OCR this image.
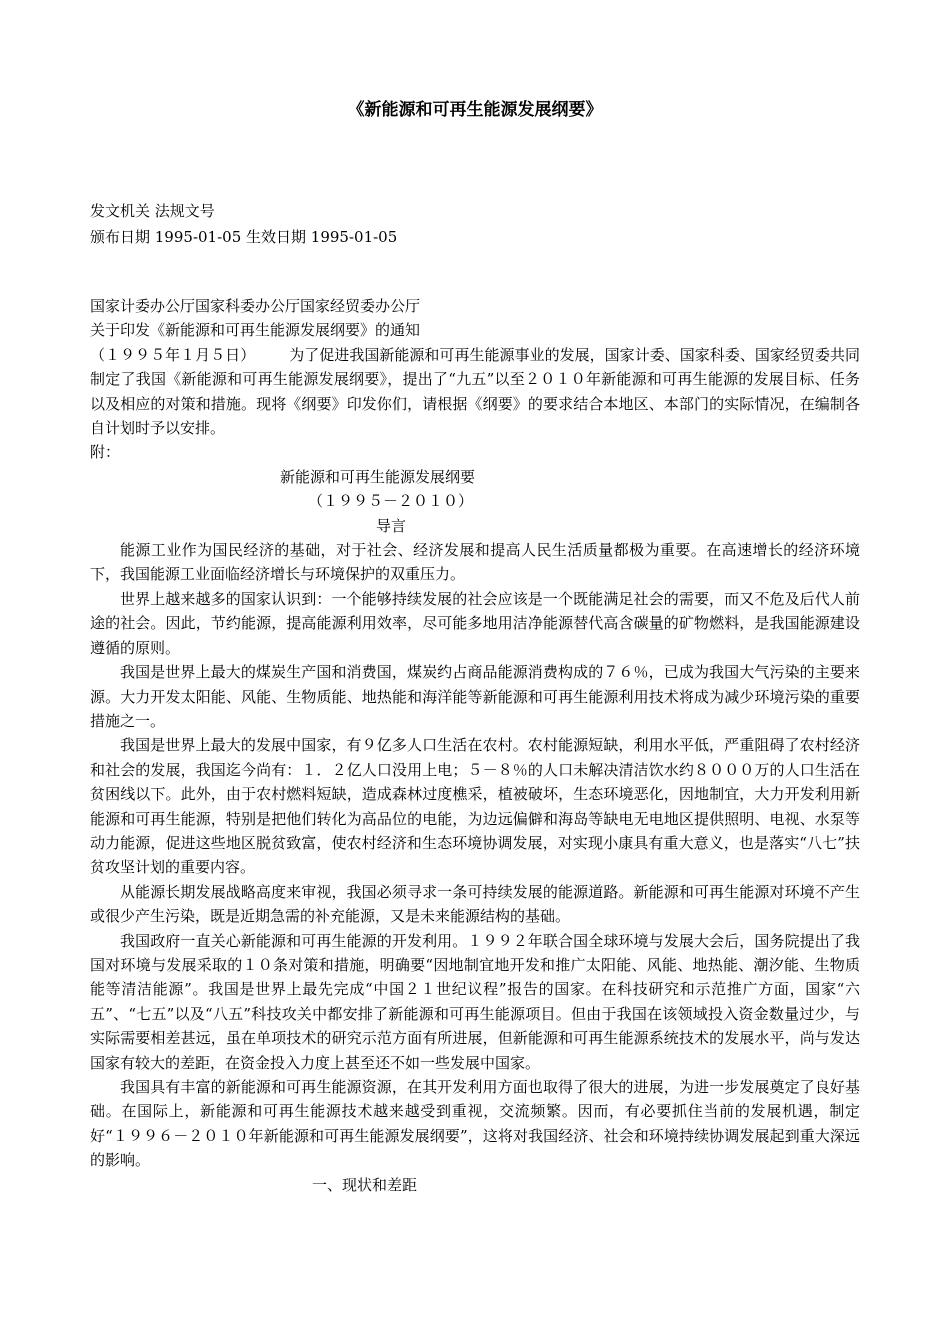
《新能源和可再生能源发展纲要》
发文机关 法规文号
颁布日期 1995-01-05 生效日期 1995-01-05
国家计委办公厅国家科委办公厅国家经贸委办公厅
关于印发《新能源和可再生能源发展纲要》的通知

（１９９５年１月５日） 为了促进我国新能源和可再生能源事业的发展，国家计委、国家科委、国家经贸委共同制定了我国《新能源和可再生能源发展纲要》，提出了“九五”以至２０１０年新能源和可再生能源的发展目标、任务以及相应的对策和措施。现将《纲要》印发你们，请根据《纲要》的要求结合本地区、本部门的实际情况，在编制各自计划时予以安排。

附：
新能源和可再生能源发展纲要
（１９９５－２０１０）
导言

能源工业作为国民经济的基础，对于社会、经济发展和提高人民生活质量都极为重要。在高速增长的经济环境下，我国能源工业面临经济增长与环境保护的双重压力。

世界上越来越多的国家认识到：一个能够持续发展的社会应该是一个既能满足社会的需要，而又不危及后代人前途的社会。因此，节约能源，提高能源利用效率，尽可能多地用洁净能源替代高含碳量的矿物燃料，是我国能源建设遵循的原则。

我国是世界上最大的煤炭生产国和消费国，煤炭约占商品能源消费构成的７６％，已成为我国大气污染的主要来源。大力开发太阳能、风能、生物质能、地热能和海洋能等新能源和可再生能源利用技术将成为减少环境污染的重要措施之一。

我国是世界上最大的发展中国家，有９亿多人口生活在农村。农村能源短缺，利用水平低，严重阻碍了农村经济和社会的发展，我国迄今尚有：１．２亿人口没用上电；５－８％的人口未解决清洁饮水约８０００万的人口生活在贫困线以下。此外，由于农村燃料短缺，造成森林过度樵采，植被破坏，生态环境恶化，因地制宜，大力开发利用新能源和可再生能源，特别是把他们转化为高品位的电能，为边远偏僻和海岛等缺电无电地区提供照明、电视、水泵等动力能源，促进这些地区脱贫致富，使农村经济和生态环境协调发展，对实现小康具有重大意义，也是落实“八七”扶贫攻坚计划的重要内容。

从能源长期发展战略高度来审视，我国必须寻求一条可持续发展的能源道路。新能源和可再生能源对环境不产生或很少产生污染，既是近期急需的补充能源，又是未来能源结构的基础。

我国政府一直关心新能源和可再生能源的开发利用。１９９２年联合国全球环境与发展大会后，国务院提出了我国对环境与发展采取的１０条对策和措施，明确要“因地制宜地开发和推广太阳能、风能、地热能、潮汐能、生物质能等清洁能源”。我国是世界上最先完成“中国２１世纪议程”报告的国家。在科技研究和示范推广方面，国家“六五”、“七五”以及“八五”科技攻关中都安排了新能源和可再生能源项目。但由于我国在该领域投入资金数量过少，与实际需要相差甚远，虽在单项技术的研究示范方面有所进展，但新能源和可再生能源系统技术的发展水平，尚与发达国家有较大的差距，在资金投入力度上甚至还不如一些发展中国家。

我国具有丰富的新能源和可再生能源资源，在其开发利用方面也取得了很大的进展，为进一步发展奠定了良好基础。在国际上，新能源和可再生能源技术越来越受到重视，交流频繁。因而，有必要抓住当前的发展机遇，制定好“１９９６－２０１０年新能源和可再生能源发展纲要”，这将对我国经济、社会和环境持续协调发展起到重大深远的影响。

一、现状和差距
